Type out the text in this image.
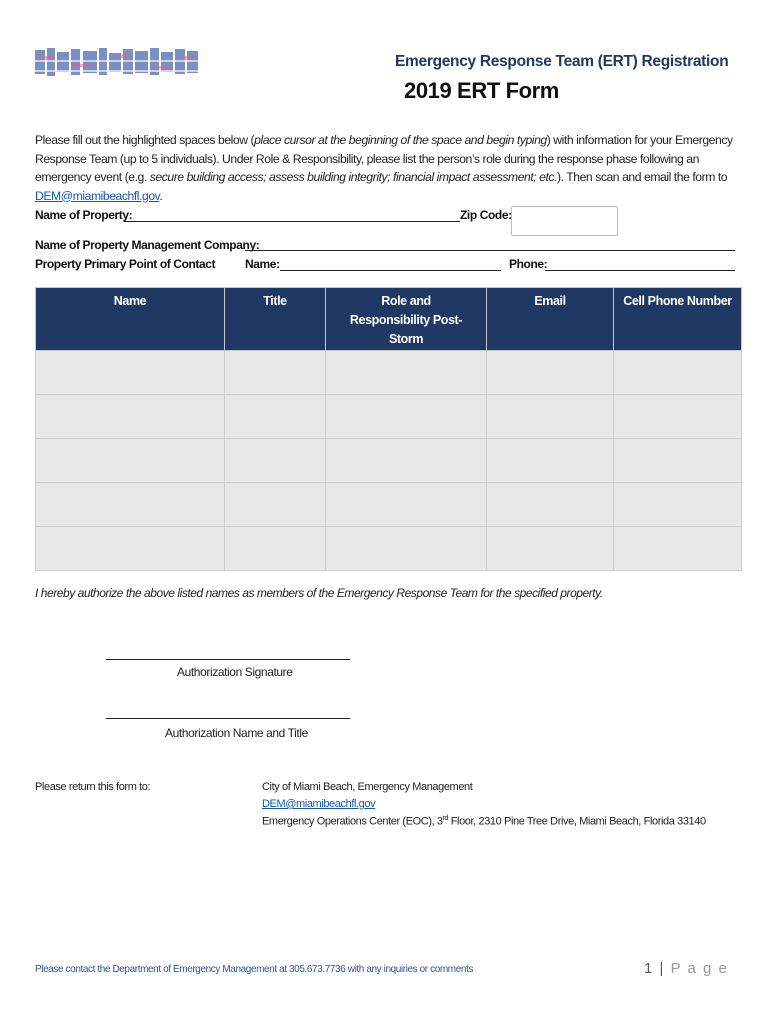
Emergency Response Team (ERT) Registration
2019 ERT Form
Please fill out the highlighted spaces below (place cursor at the beginning of the space and begin typing) with information for your Emergency Response Team (up to 5 individuals). Under Role & Responsibility, please list the person’s role during the response phase following an emergency event (e.g. secure building access; assess building integrity; financial impact assessment; etc.). Then scan and email the form to DEM@miamibeachfl.gov.
Name of Property:	Zip Code:
Name of Property Management Company:
Property Primary Point of Contact Name:	Phone:
Name	Title	Role and Responsibility Post-Storm	Email	Cell Phone Number

I hereby authorize the above listed names as members of the Emergency Response Team for the specified property.
Authorization Signature
Authorization Name and Title
Please return this form to:	City of Miami Beach, Emergency Management
DEM@miamibeachfl.gov
Emergency Operations Center (EOC), 3rd Floor, 2310 Pine Tree Drive, Miami Beach, Florida 33140
Please contact the Department of Emergency Management at 305.673.7736 with any inquiries or comments	1 | P a g e
